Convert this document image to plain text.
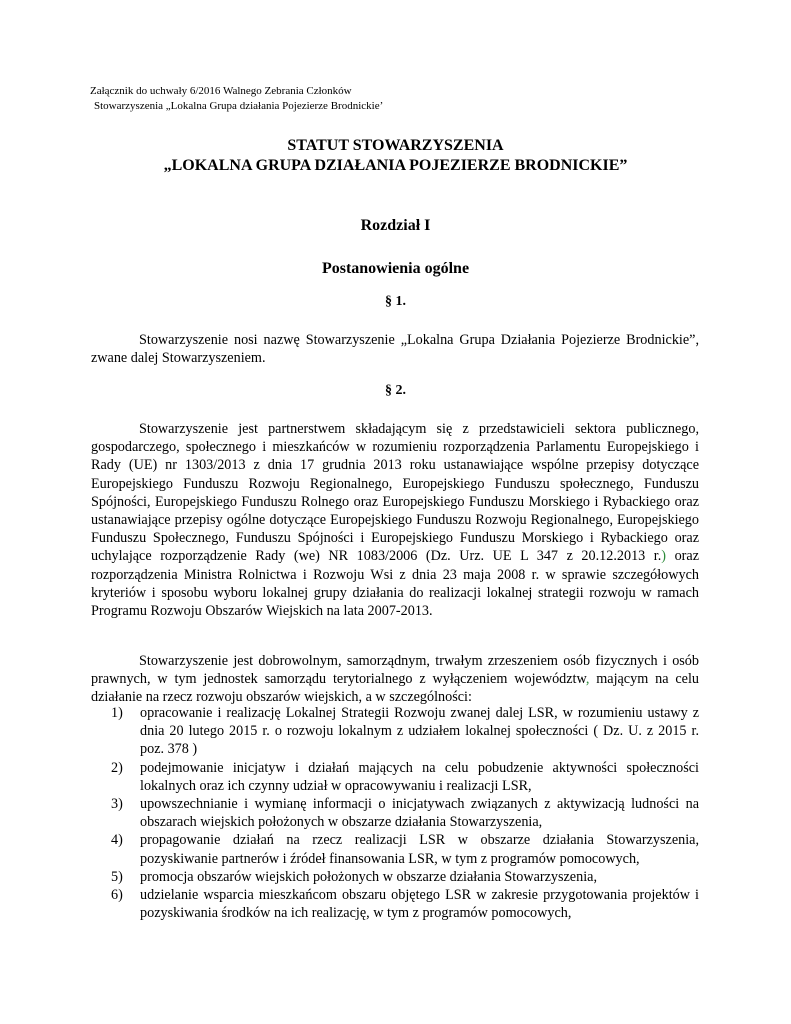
Załącznik do uchwały 6/2016 Walnego Zebrania Członków
Stowarzyszenia „Lokalna Grupa działania Pojezierze Brodnickie’
STATUT STOWARZYSZENIA
„LOKALNA GRUPA DZIAŁANIA POJEZIERZE BRODNICKIE”
Rozdział I
Postanowienia ogólne
§ 1.
Stowarzyszenie nosi nazwę Stowarzyszenie „Lokalna Grupa Działania Pojezierze Brodnickie”, zwane dalej Stowarzyszeniem.
§ 2.
Stowarzyszenie jest partnerstwem składającym się z przedstawicieli sektora publicznego, gospodarczego, społecznego i mieszkańców w rozumieniu rozporządzenia Parlamentu Europejskiego i Rady (UE) nr 1303/2013 z dnia 17 grudnia 2013 roku ustanawiające wspólne przepisy dotyczące Europejskiego Funduszu Rozwoju Regionalnego, Europejskiego Funduszu społecznego, Funduszu Spójności, Europejskiego Funduszu Rolnego oraz Europejskiego Funduszu Morskiego i Rybackiego oraz ustanawiające przepisy ogólne dotyczące Europejskiego Funduszu Rozwoju Regionalnego, Europejskiego Funduszu Społecznego, Funduszu Spójności i Europejskiego Funduszu Morskiego i Rybackiego oraz uchylające rozporządzenie Rady (we) NR 1083/2006 (Dz. Urz. UE L 347 z 20.12.2013 r.) oraz rozporządzenia Ministra Rolnictwa i Rozwoju Wsi z dnia 23 maja 2008 r. w sprawie szczegółowych kryteriów i sposobu wyboru lokalnej grupy działania do realizacji lokalnej strategii rozwoju w ramach Programu Rozwoju Obszarów Wiejskich na lata 2007-2013.
Stowarzyszenie jest dobrowolnym, samorządnym, trwałym zrzeszeniem osób fizycznych i osób prawnych, w tym jednostek samorządu terytorialnego z wyłączeniem województw, mającym na celu działanie na rzecz rozwoju obszarów wiejskich, a w szczególności:
1) opracowanie i realizację Lokalnej Strategii Rozwoju zwanej dalej LSR, w rozumieniu ustawy z dnia 20 lutego 2015 r. o rozwoju lokalnym z udziałem lokalnej społeczności ( Dz. U. z 2015 r. poz. 378 )
2) podejmowanie inicjatyw i działań mających na celu pobudzenie aktywności społeczności lokalnych oraz ich czynny udział w opracowywaniu i realizacji LSR,
3) upowszechnianie i wymianę informacji o inicjatywach związanych z aktywizacją ludności na obszarach wiejskich położonych w obszarze działania Stowarzyszenia,
4) propagowanie działań na rzecz realizacji LSR w obszarze działania Stowarzyszenia, pozyskiwanie partnerów i źródeł finansowania LSR, w tym z programów pomocowych,
5) promocja obszarów wiejskich położonych w obszarze działania Stowarzyszenia,
6) udzielanie wsparcia mieszkańcom obszaru objętego LSR w zakresie przygotowania projektów i pozyskiwania środków na ich realizację, w tym z programów pomocowych,
